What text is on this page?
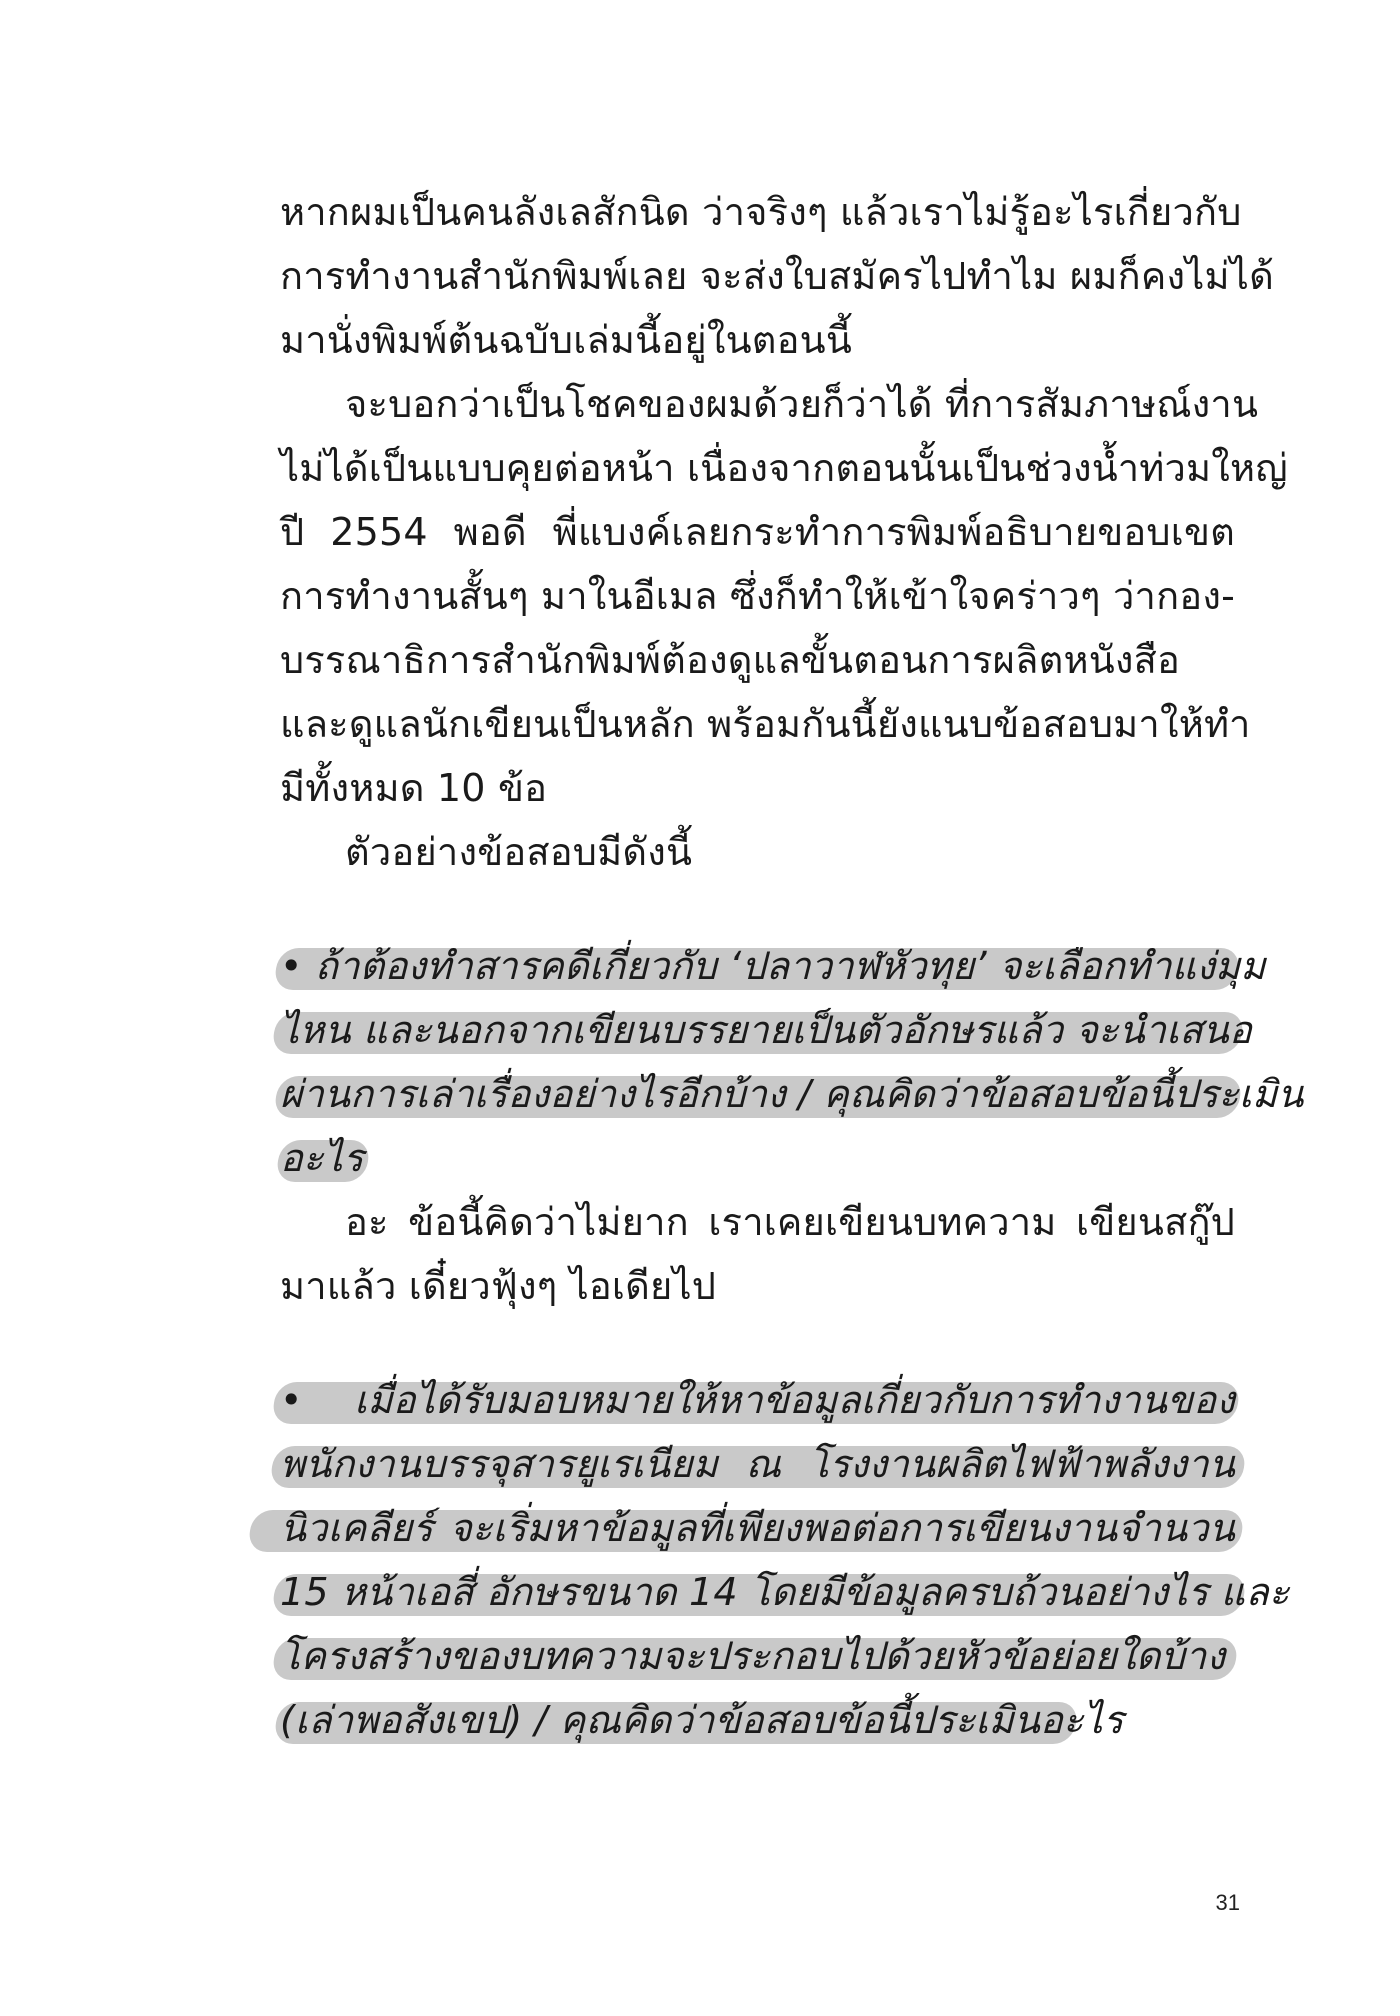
หากผมเป็นคนลังเลสักนิด ว่าจริงๆ แล้วเราไม่รู้อะไรเกี่ยวกับ
การทำงานสำนักพิมพ์เลย จะส่งใบสมัครไปทำไม ผมก็คงไม่ได้
มานั่งพิมพ์ต้นฉบับเล่มนี้อยู่ในตอนนี้
จะบอกว่าเป็นโชคของผมด้วยก็ว่าได้ ที่การสัมภาษณ์งาน
ไม่ได้เป็นแบบคุยต่อหน้า เนื่องจากตอนนั้นเป็นช่วงน้ำท่วมใหญ่
ปี 2554 พอดี พี่แบงค์เลยกระทำการพิมพ์อธิบายขอบเขต
การทำงานสั้นๆ มาในอีเมล ซึ่งก็ทำให้เข้าใจคร่าวๆ ว่ากอง-
บรรณาธิการสำนักพิมพ์ต้องดูแลขั้นตอนการผลิตหนังสือ
และดูแลนักเขียนเป็นหลัก พร้อมกันนี้ยังแนบข้อสอบมาให้ทำ
มีทั้งหมด 10 ข้อ
ตัวอย่างข้อสอบมีดังนี้
• ถ้าต้องทำสารคดีเกี่ยวกับ ‘ปลาวาฬหัวทุย’ จะเลือกทำแง่มุม
ไหน และนอกจากเขียนบรรยายเป็นตัวอักษรแล้ว จะนำเสนอ
ผ่านการเล่าเรื่องอย่างไรอีกบ้าง / คุณคิดว่าข้อสอบข้อนี้ประเมิน
อะไร
อะ ข้อนี้คิดว่าไม่ยาก เราเคยเขียนบทความ เขียนสกู๊ป
มาแล้ว เดี๋ยวฟุ้งๆ ไอเดียไป
• เมื่อได้รับมอบหมายให้หาข้อมูลเกี่ยวกับการทำงานของ
พนักงานบรรจุสารยูเรเนียม ณ โรงงานผลิตไฟฟ้าพลังงาน
นิวเคลียร์ จะเริ่มหาข้อมูลที่เพียงพอต่อการเขียนงานจำนวน
15 หน้าเอสี่ อักษรขนาด 14 โดยมีข้อมูลครบถ้วนอย่างไร และ
โครงสร้างของบทความจะประกอบไปด้วยหัวข้อย่อยใดบ้าง
(เล่าพอสังเขป) / คุณคิดว่าข้อสอบข้อนี้ประเมินอะไร
31
